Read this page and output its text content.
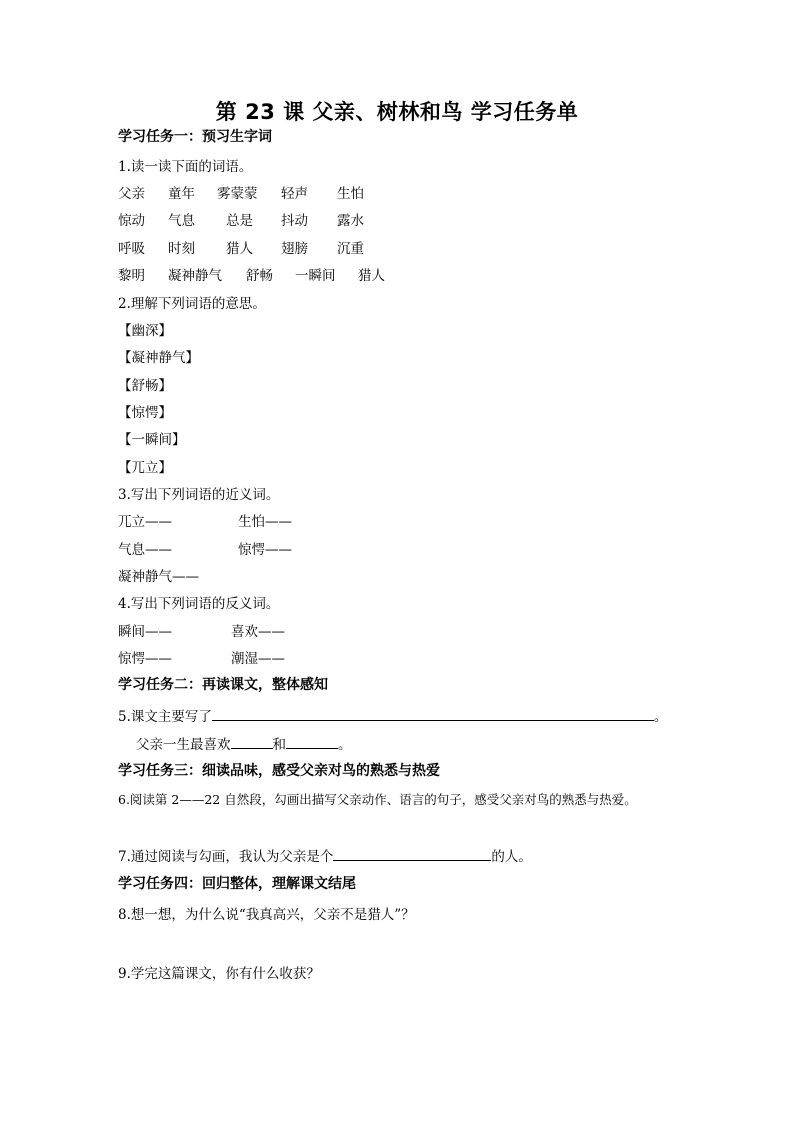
第 23 课 父亲、树林和鸟 学习任务单
学习任务一：预习生字词
1.读一读下面的词语。
父亲 童年 雾蒙蒙 轻声 生怕
惊动 气息 总是 抖动 露水
呼吸 时刻 猎人 翅膀 沉重
黎明 凝神静气 舒畅 一瞬间 猎人
2.理解下列词语的意思。
【幽深】
【凝神静气】
【舒畅】
【惊愕】
【一瞬间】
【兀立】
3.写出下列词语的近义词。
兀立——	生怕——
气息——	惊愕——
凝神静气——
4.写出下列词语的反义词。
瞬间——	喜欢——
惊愕——	潮湿——
学习任务二：再读课文，整体感知
5.课文主要写了	。
父亲一生最喜欢	和	。
学习任务三：细读品味，感受父亲对鸟的熟悉与热爱
6.阅读第 2——22 自然段，勾画出描写父亲动作、语言的句子，感受父亲对鸟的熟悉与热爱。
7.通过阅读与勾画，我认为父亲是个	的人。
学习任务四：回归整体，理解课文结尾
8.想一想，为什么说“我真高兴，父亲不是猎人”？
9.学完这篇课文，你有什么收获？
